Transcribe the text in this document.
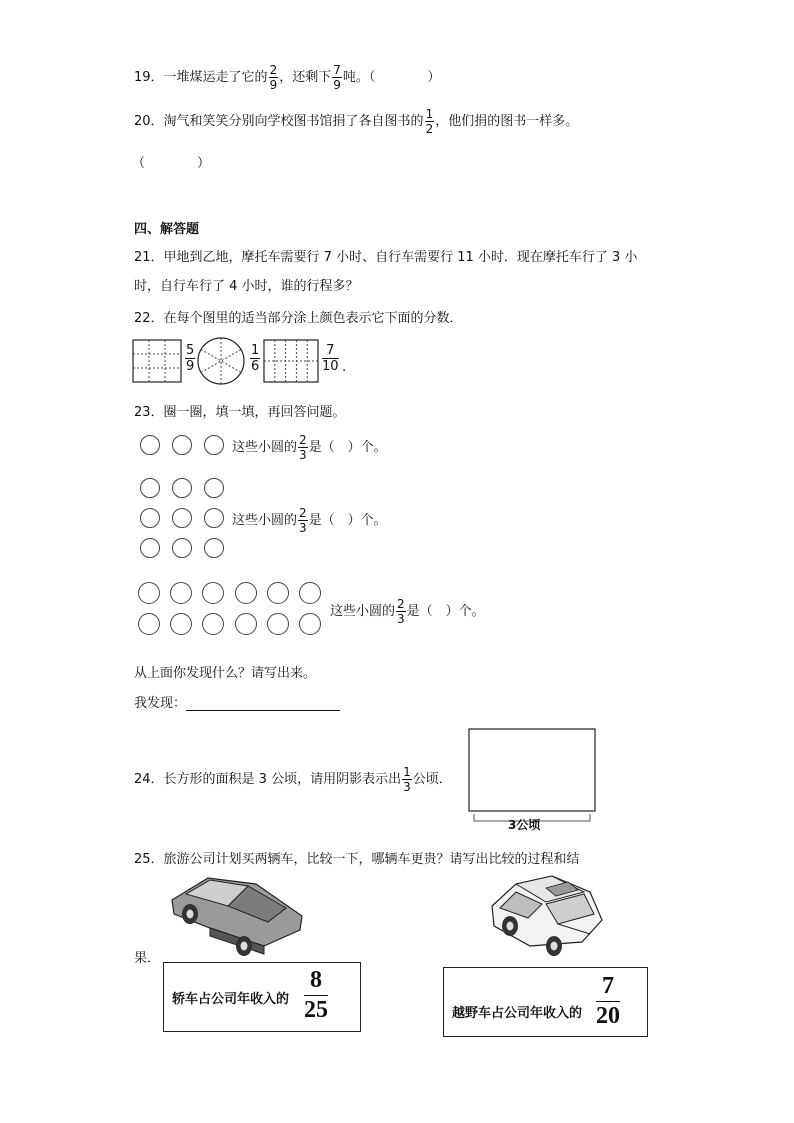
19．一堆煤运走了它的 $\frac{2}{9}$ ，还剩下 $\frac{7}{9}$ 吨。（　　　　）
20．淘气和笑笑分别向学校图书馆捐了各自图书的 $\frac{1}{2}$ ，他们捐的图书一样多。
（　　　　）
四、解答题
21．甲地到乙地，摩托车需要行 7 小时、自行车需要行 11 小时．现在摩托车行了 3 小
时，自行车行了 4 小时，谁的行程多？
22．在每个图里的适当部分涂上颜色表示它下面的分数．
$\frac{5}{9}$	$\frac{1}{6}$	$\frac{7}{10}$ .
23．圈一圈，填一填，再回答问题。
这些小圆的 $\frac{2}{3}$ 是（　）个。
这些小圆的 $\frac{2}{3}$ 是（　）个。
这些小圆的 $\frac{2}{3}$ 是（　）个。
从上面你发现什么？请写出来。
我发现：
24．长方形的面积是 3 公顷，请用阴影表示出 $\frac{1}{3}$ 公顷．
3公顷
25．旅游公司计划买两辆车，比较一下，哪辆车更贵？请写出比较的过程和结
果．
轿车占公司年收入的 $\frac{8}{25}$	越野车占公司年收入的 $\frac{7}{20}$
